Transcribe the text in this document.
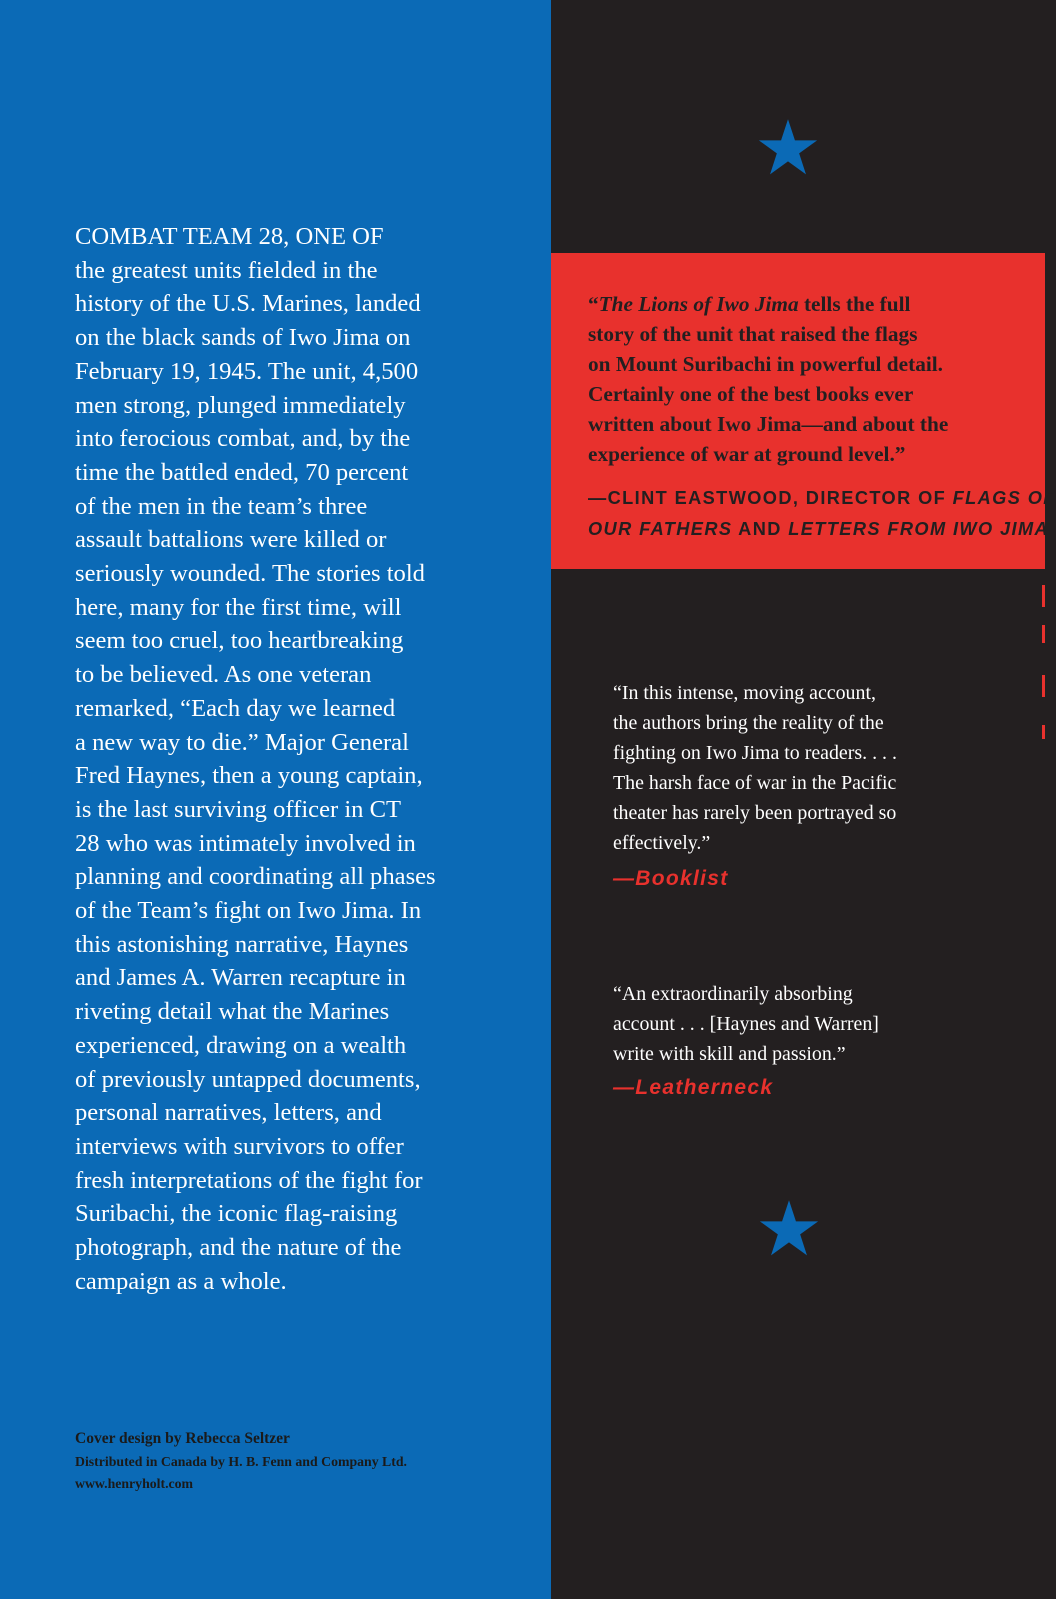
COMBAT TEAM 28, ONE OF
the greatest units fielded in the
history of the U.S. Marines, landed
on the black sands of Iwo Jima on
February 19, 1945. The unit, 4,500
men strong, plunged immediately
into ferocious combat, and, by the
time the battled ended, 70 percent
of the men in the team’s three
assault battalions were killed or
seriously wounded. The stories told
here, many for the first time, will
seem too cruel, too heartbreaking
to be believed. As one veteran
remarked, “Each day we learned
a new way to die.” Major General
Fred Haynes, then a young captain,
is the last surviving officer in CT
28 who was intimately involved in
planning and coordinating all phases
of the Team’s fight on Iwo Jima. In
this astonishing narrative, Haynes
and James A. Warren recapture in
riveting detail what the Marines
experienced, drawing on a wealth
of previously untapped documents,
personal narratives, letters, and
interviews with survivors to offer
fresh interpretations of the fight for
Suribachi, the iconic flag-raising
photograph, and the nature of the
campaign as a whole.

Cover design by Rebecca Seltzer
Distributed in Canada by H. B. Fenn and Company Ltd.
www.henryholt.com

“The Lions of Iwo Jima tells the full
story of the unit that raised the flags
on Mount Suribachi in powerful detail.
Certainly one of the best books ever
written about Iwo Jima—and about the
experience of war at ground level.”

—CLINT EASTWOOD, DIRECTOR OF FLAGS OF
OUR FATHERS AND LETTERS FROM IWO JIMA

“In this intense, moving account,
the authors bring the reality of the
fighting on Iwo Jima to readers. . . .
The harsh face of war in the Pacific
theater has rarely been portrayed so
effectively.”

—Booklist

“An extraordinarily absorbing
account . . . [Haynes and Warren]
write with skill and passion.”

—Leatherneck
